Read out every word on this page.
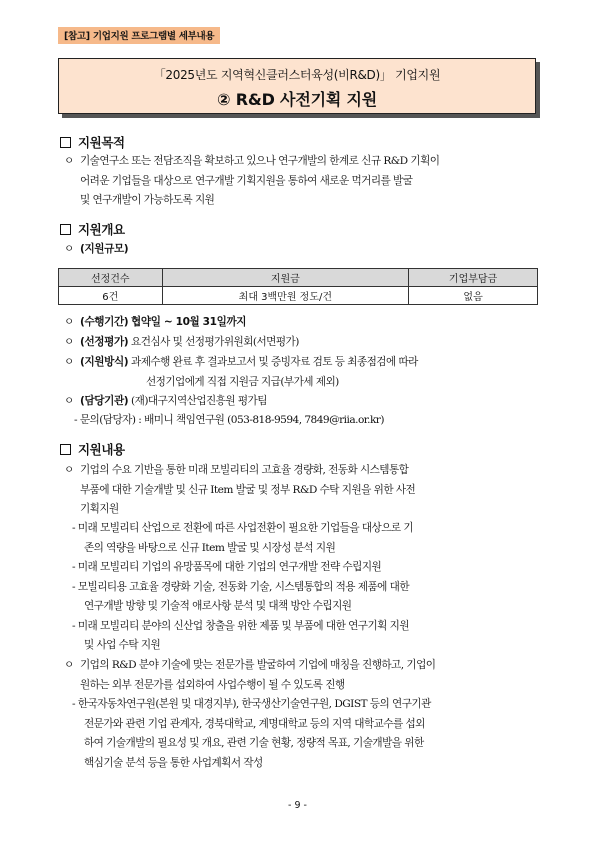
[참고] 기업지원 프로그램별 세부내용
「2025년도 지역혁신클러스터육성(비R&D)」 기업지원
② R&D 사전기획 지원
지원목적
ㅇ 기술연구소 또는 전담조직을 확보하고 있으나 연구개발의 한계로 신규 R&D 기획이
어려운 기업들을 대상으로 연구개발 기획지원을 통하여 새로운 먹거리를 발굴
및 연구개발이 가능하도록 지원
지원개요
ㅇ (지원규모)
선정건수	지원금	기업부담금
6건	최대 3백만원 정도/건	없음
ㅇ (수행기간) 협약일 ~ 10월 31일까지
ㅇ (선정평가) 요건심사 및 선정평가위원회(서면평가)
ㅇ (지원방식) 과제수행 완료 후 결과보고서 및 증빙자료 검토 등 최종점검에 따라
선정기업에게 직접 지원금 지급(부가세 제외)
ㅇ (담당기관) (재)대구지역산업진흥원 평가팀
- 문의(담당자) : 배미니 책임연구원 (053-818-9594, 7849@riia.or.kr)
지원내용
ㅇ 기업의 수요 기반을 통한 미래 모빌리티의 고효율 경량화, 전동화 시스템통합
부품에 대한 기술개발 및 신규 Item 발굴 및 정부 R&D 수탁 지원을 위한 사전
기획지원
- 미래 모빌리티 산업으로 전환에 따른 사업전환이 필요한 기업들을 대상으로 기
존의 역량을 바탕으로 신규 Item 발굴 및 시장성 분석 지원
- 미래 모빌리티 기업의 유망품목에 대한 기업의 연구개발 전략 수립지원
- 모빌리티용 고효율 경량화 기술, 전동화 기술, 시스템통합의 적용 제품에 대한
연구개발 방향 및 기술적 애로사항 분석 및 대책 방안 수립지원
- 미래 모빌리티 분야의 신산업 창출을 위한 제품 및 부품에 대한 연구기획 지원
및 사업 수탁 지원
ㅇ 기업의 R&D 분야 기술에 맞는 전문가를 발굴하여 기업에 매칭을 진행하고, 기업이
원하는 외부 전문가를 섭외하여 사업수행이 될 수 있도록 진행
- 한국자동차연구원(본원 및 대경지부), 한국생산기술연구원, DGIST 등의 연구기관
전문가와 관련 기업 관계자, 경북대학교, 계명대학교 등의 지역 대학교수를 섭외
하여 기술개발의 필요성 및 개요, 관련 기술 현황, 정량적 목표, 기술개발을 위한
핵심기술 분석 등을 통한 사업계획서 작성
- 9 -
